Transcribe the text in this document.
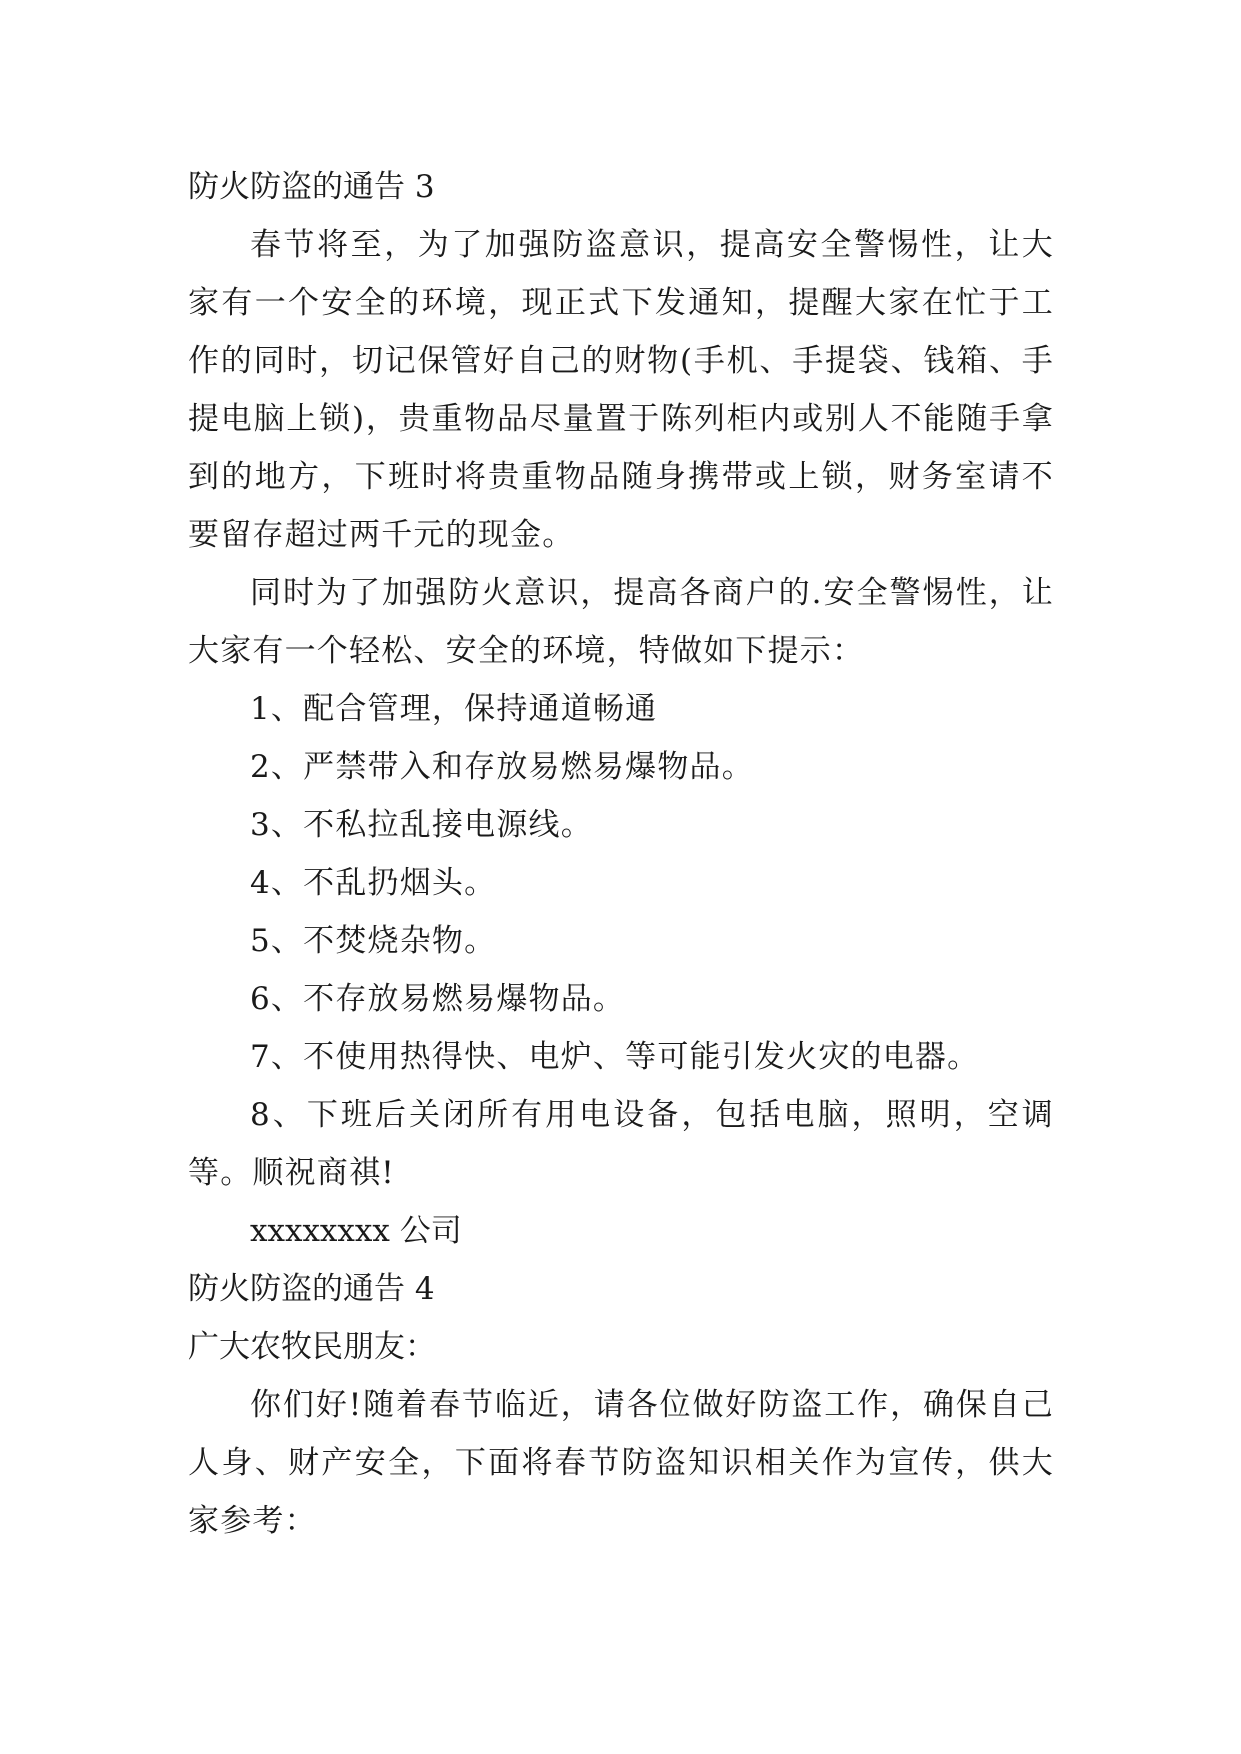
防火防盗的通告 3

春节将至，为了加强防盗意识，提高安全警惕性，让大家有一个安全的环境，现正式下发通知，提醒大家在忙于工作的同时，切记保管好自己的财物(手机、手提袋、钱箱、手提电脑上锁)，贵重物品尽量置于陈列柜内或别人不能随手拿到的地方，下班时将贵重物品随身携带或上锁，财务室请不要留存超过两千元的现金。

同时为了加强防火意识，提高各商户的.安全警惕性，让大家有一个轻松、安全的环境，特做如下提示：

1、配合管理，保持通道畅通

2、严禁带入和存放易燃易爆物品。

3、不私拉乱接电源线。

4、不乱扔烟头。

5、不焚烧杂物。

6、不存放易燃易爆物品。

7、不使用热得快、电炉、等可能引发火灾的电器。

8、下班后关闭所有用电设备，包括电脑，照明，空调等。顺祝商祺!

xxxxxxxx 公司

防火防盗的通告 4

广大农牧民朋友：

你们好!随着春节临近，请各位做好防盗工作，确保自己人身、财产安全，下面将春节防盗知识相关作为宣传，供大家参考：
